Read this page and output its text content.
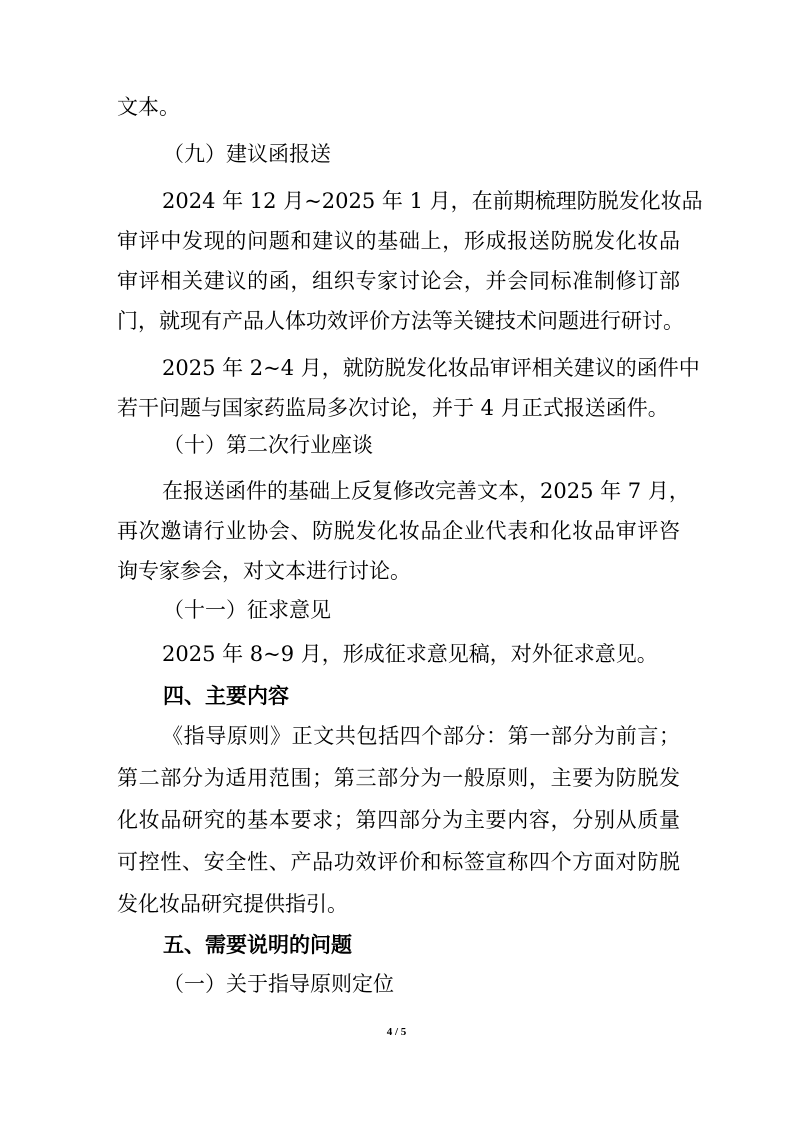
文本。
（九）建议函报送
2024 年 12 月~2025 年 1 月，在前期梳理防脱发化妆品
审评中发现的问题和建议的基础上，形成报送防脱发化妆品
审评相关建议的函，组织专家讨论会，并会同标准制修订部
门，就现有产品人体功效评价方法等关键技术问题进行研讨。
2025 年 2~4 月，就防脱发化妆品审评相关建议的函件中
若干问题与国家药监局多次讨论，并于 4 月正式报送函件。
（十）第二次行业座谈
在报送函件的基础上反复修改完善文本，2025 年 7 月，
再次邀请行业协会、防脱发化妆品企业代表和化妆品审评咨
询专家参会，对文本进行讨论。
（十一）征求意见
2025 年 8~9 月，形成征求意见稿，对外征求意见。
四、主要内容
《指导原则》正文共包括四个部分：第一部分为前言；
第二部分为适用范围；第三部分为一般原则，主要为防脱发
化妆品研究的基本要求；第四部分为主要内容，分别从质量
可控性、安全性、产品功效评价和标签宣称四个方面对防脱
发化妆品研究提供指引。
五、需要说明的问题
（一）关于指导原则定位
4 / 5
